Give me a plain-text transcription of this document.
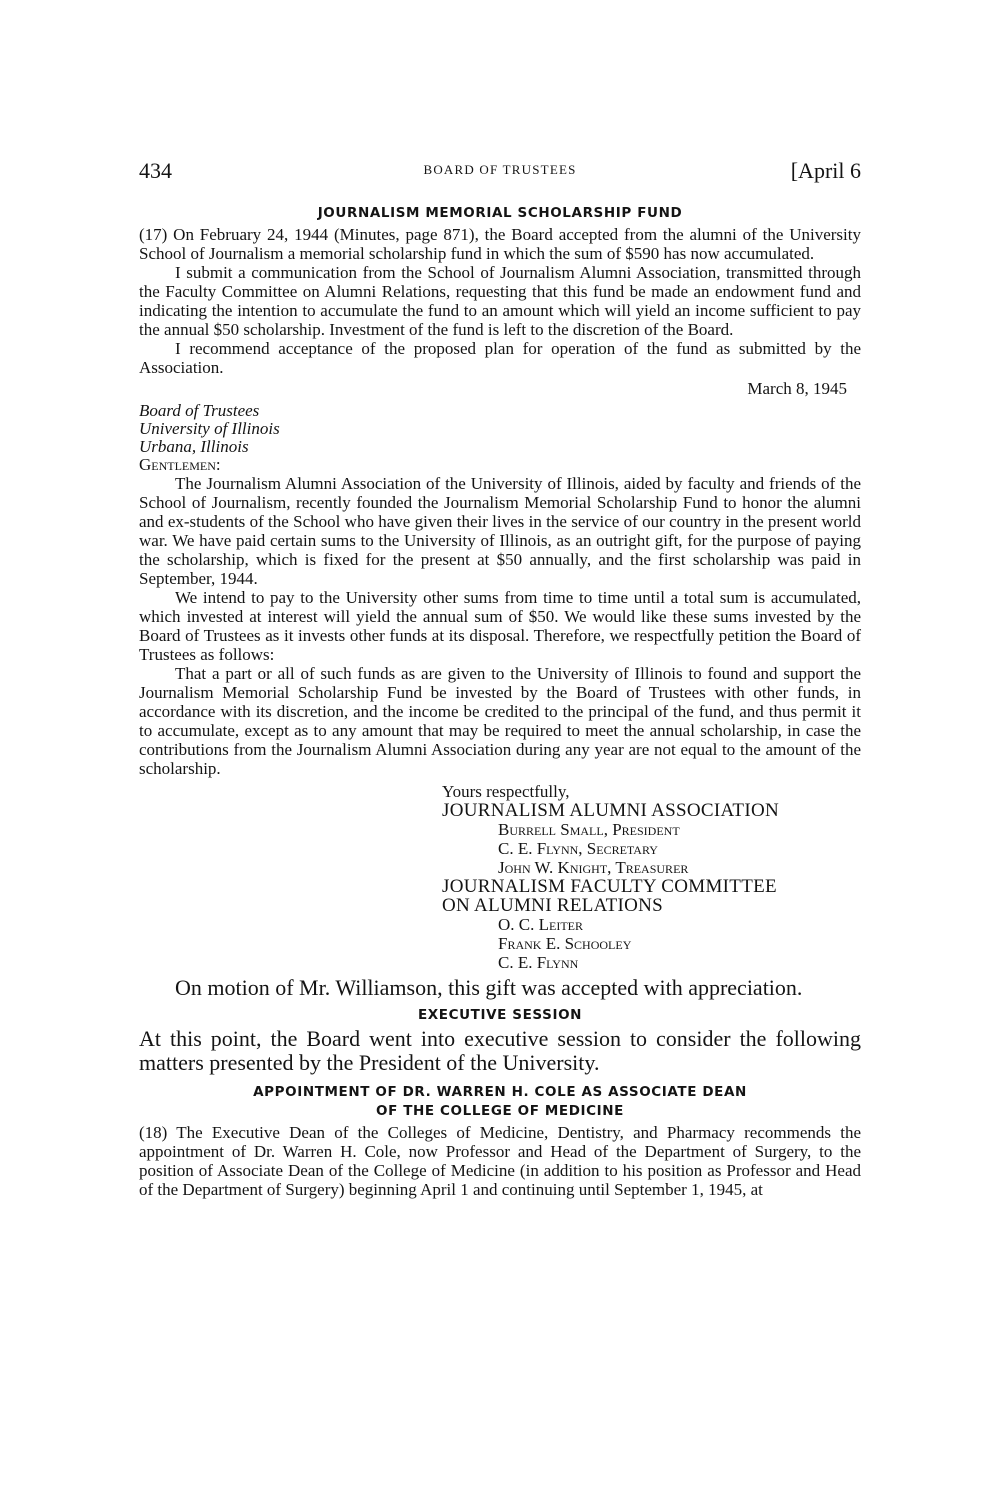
434	BOARD OF TRUSTEES	[April 6
JOURNALISM MEMORIAL SCHOLARSHIP FUND

(17) On February 24, 1944 (Minutes, page 871), the Board accepted from the alumni of the University School of Journalism a memorial scholarship fund in which the sum of $590 has now accumulated.

I submit a communication from the School of Journalism Alumni Association, transmitted through the Faculty Committee on Alumni Relations, requesting that this fund be made an endowment fund and indicating the intention to accumulate the fund to an amount which will yield an income sufficient to pay the annual $50 scholarship. Investment of the fund is left to the discretion of the Board.

I recommend acceptance of the proposed plan for operation of the fund as submitted by the Association.

March 8, 1945
Board of Trustees
University of Illinois
Urbana, Illinois
Gentlemen:

The Journalism Alumni Association of the University of Illinois, aided by faculty and friends of the School of Journalism, recently founded the Journalism Memorial Scholarship Fund to honor the alumni and ex-students of the School who have given their lives in the service of our country in the present world war. We have paid certain sums to the University of Illinois, as an outright gift, for the purpose of paying the scholarship, which is fixed for the present at $50 annually, and the first scholarship was paid in September, 1944.

We intend to pay to the University other sums from time to time until a total sum is accumulated, which invested at interest will yield the annual sum of $50. We would like these sums invested by the Board of Trustees as it invests other funds at its disposal. Therefore, we respectfully petition the Board of Trustees as follows:

That a part or all of such funds as are given to the University of Illinois to found and support the Journalism Memorial Scholarship Fund be invested by the Board of Trustees with other funds, in accordance with its discretion, and the income be credited to the principal of the fund, and thus permit it to accumulate, except as to any amount that may be required to meet the annual scholarship, in case the contributions from the Journalism Alumni Association during any year are not equal to the amount of the scholarship.

Yours respectfully,
JOURNALISM ALUMNI ASSOCIATION
Burrell Small, President
C. E. Flynn, Secretary
John W. Knight, Treasurer
JOURNALISM FACULTY COMMITTEE
ON ALUMNI RELATIONS
O. C. Leiter
Frank E. Schooley
C. E. Flynn

On motion of Mr. Williamson, this gift was accepted with appreciation.

EXECUTIVE SESSION

At this point, the Board went into executive session to consider the following matters presented by the President of the University.

APPOINTMENT OF DR. WARREN H. COLE AS ASSOCIATE DEAN
OF THE COLLEGE OF MEDICINE

(18) The Executive Dean of the Colleges of Medicine, Dentistry, and Pharmacy recommends the appointment of Dr. Warren H. Cole, now Professor and Head of the Department of Surgery, to the position of Associate Dean of the College of Medicine (in addition to his position as Professor and Head of the Department of Surgery) beginning April 1 and continuing until September 1, 1945, at
